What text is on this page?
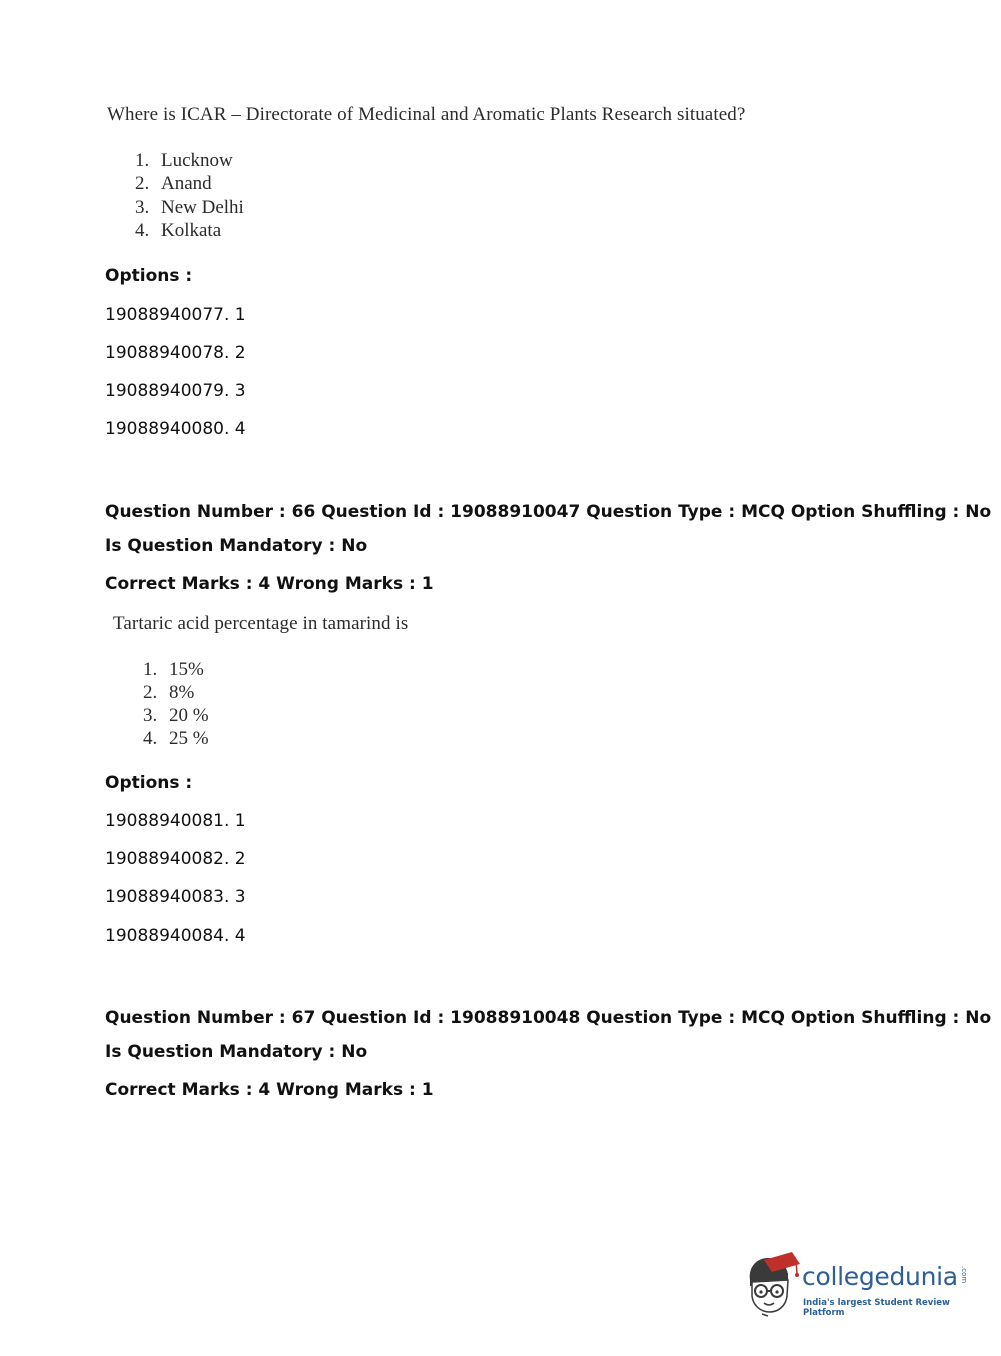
Where is ICAR – Directorate of Medicinal and Aromatic Plants Research situated?
1. Lucknow
2. Anand
3. New Delhi
4. Kolkata
Options :
19088940077. 1
19088940078. 2
19088940079. 3
19088940080. 4
Question Number : 66 Question Id : 19088910047 Question Type : MCQ Option Shuffling : No
Is Question Mandatory : No
Correct Marks : 4 Wrong Marks : 1
Tartaric acid percentage in tamarind is
1. 15%
2. 8%
3. 20 %
4. 25 %
Options :
19088940081. 1
19088940082. 2
19088940083. 3
19088940084. 4
Question Number : 67 Question Id : 19088910048 Question Type : MCQ Option Shuffling : No
Is Question Mandatory : No
Correct Marks : 4 Wrong Marks : 1
collegedunia .com
India's largest Student Review Platform
